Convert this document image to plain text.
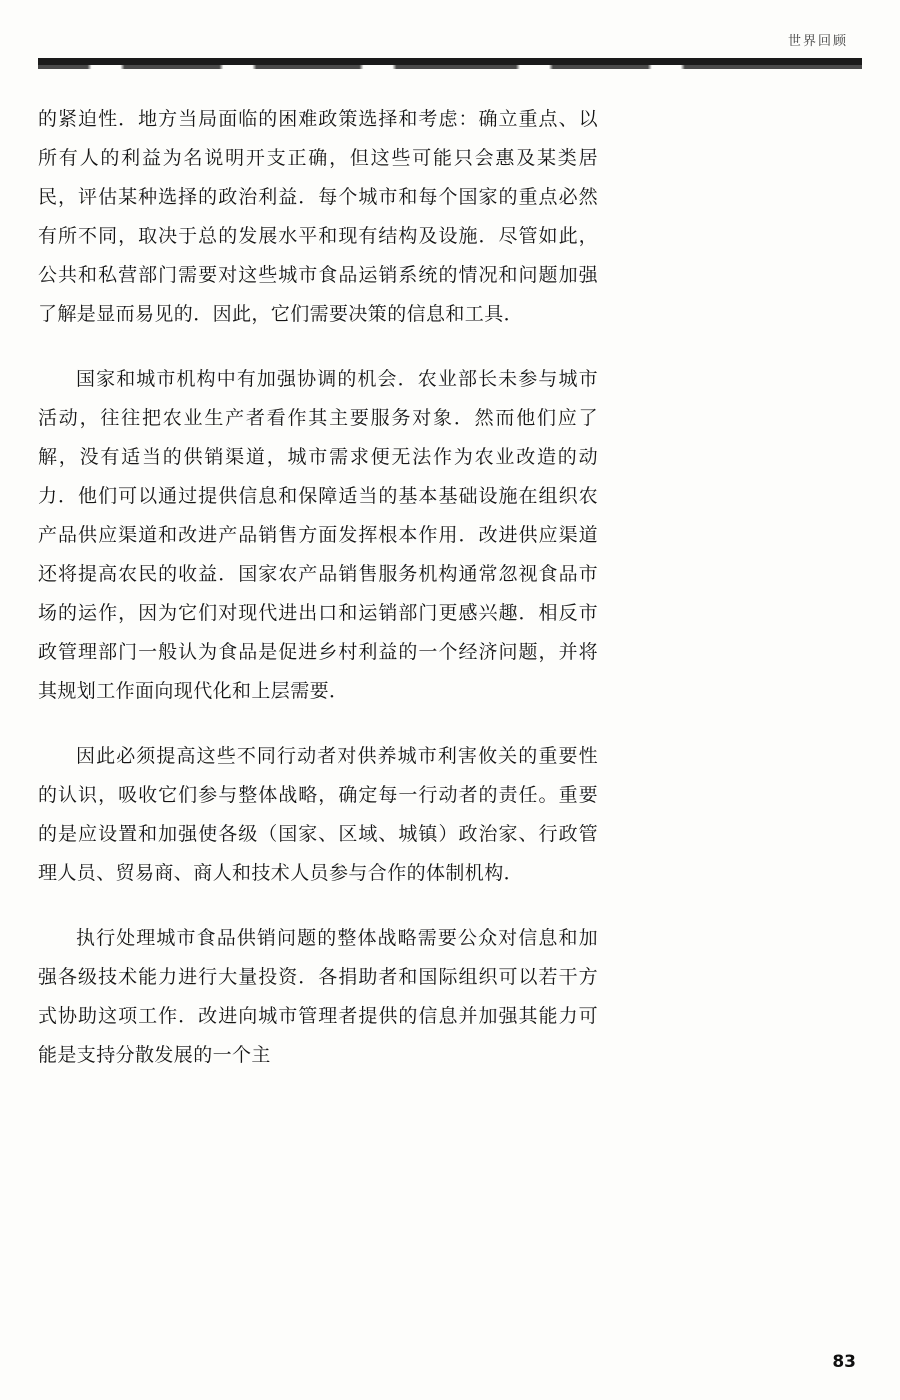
世界回顾

的紧迫性．地方当局面临的困难政策选择和考虑：确立重点、以所有人的利益为名说明开支正确，但这些可能只会惠及某类居民，评估某种选择的政治利益．每个城市和每个国家的重点必然有所不同，取决于总的发展水平和现有结构及设施．尽管如此，公共和私营部门需要对这些城市食品运销系统的情况和问题加强了解是显而易见的．因此，它们需要决策的信息和工具．

国家和城市机构中有加强协调的机会．农业部长未参与城市活动，往往把农业生产者看作其主要服务对象．然而他们应了解，没有适当的供销渠道，城市需求便无法作为农业改造的动力．他们可以通过提供信息和保障适当的基本基础设施在组织农产品供应渠道和改进产品销售方面发挥根本作用．改进供应渠道还将提高农民的收益．国家农产品销售服务机构通常忽视食品市场的运作，因为它们对现代进出口和运销部门更感兴趣．相反市政管理部门一般认为食品是促进乡村利益的一个经济问题，并将其规划工作面向现代化和上层需要．

因此必须提高这些不同行动者对供养城市利害攸关的重要性的认识，吸收它们参与整体战略，确定每一行动者的责任。重要的是应设置和加强使各级（国家、区域、城镇）政治家、行政管理人员、贸易商、商人和技术人员参与合作的体制机构．

执行处理城市食品供销问题的整体战略需要公众对信息和加强各级技术能力进行大量投资．各捐助者和国际组织可以若干方式协助这项工作．改进向城市管理者提供的信息并加强其能力可能是支持分散发展的一个主

83
